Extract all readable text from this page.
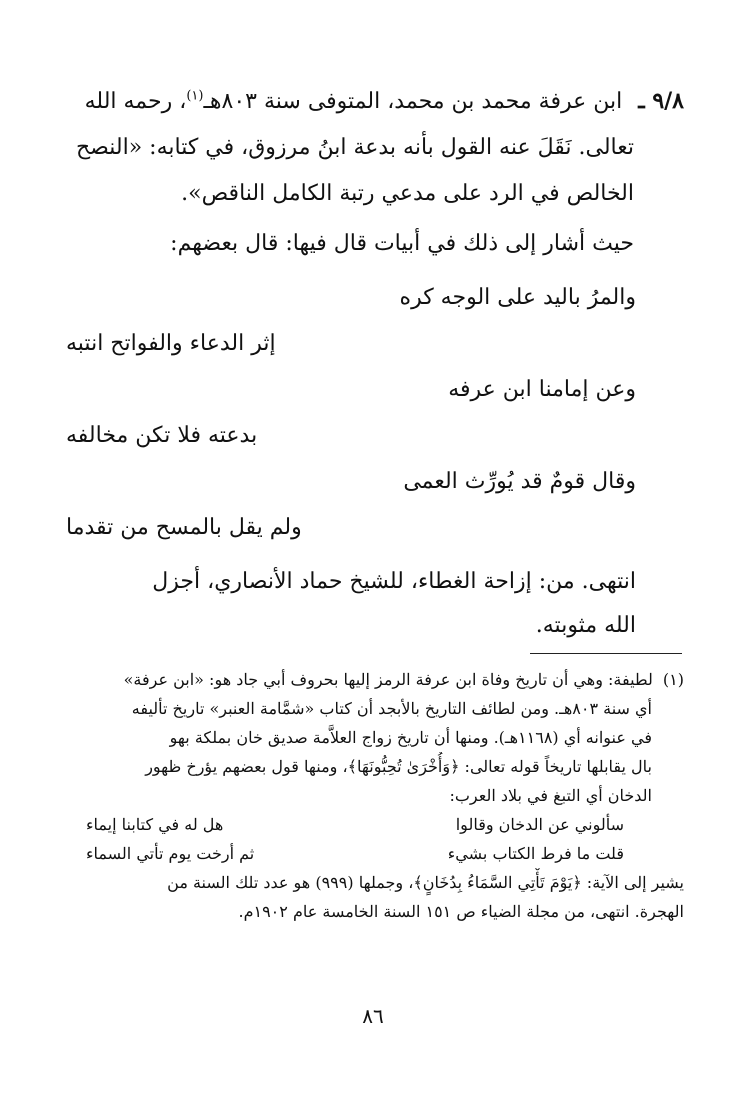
٩/٨ ـابن عرفة محمد بن محمد، المتوفى سنة ٨٠٣هـ$^{(١)}$، رحمه الله
تعالى. نَقَلَ عنه القول بأنه بدعة ابنُ مرزوق، في كتابه: «النصح
الخالص في الرد على مدعي رتبة الكامل الناقص».
حيث أشار إلى ذلك في أبيات قال فيها: قال بعضهم:
والمرُ باليد على الوجه كره
إثر الدعاء والفواتح انتبه
وعن إمامنا ابن عرفه
بدعته فلا تكن مخالفه
وقال قومٌ قد يُورِّث العمى
ولم يقل بالمسح من تقدما
انتهى. من: إزاحة الغطاء، للشيخ حماد الأنصاري، أجزل
الله مثوبته.
(١)لطيفة: وهي أن تاريخ وفاة ابن عرفة الرمز إليها بحروف أبي جاد هو: «ابن عرفة»
أي سنة ٨٠٣هـ. ومن لطائف التاريخ بالأبجد أن كتاب «شمَّامة العنبر» تاريخ تأليفه
في عنوانه أي (١١٦٨هـ). ومنها أن تاريخ زواج العلاَّمة صديق خان بملكة بهو
بال يقابلها تاريخاً قوله تعالى: ﴿وَأُخْرَىٰ تُحِبُّونَهَا﴾، ومنها قول بعضهم يؤرخ ظهور
الدخان أي التبغ في بلاد العرب:
سألوني عن الدخان وقالوا
هل له في كتابنا إيماء
قلت ما فرط الكتاب بشيء
ثم أرخت يوم تأتي السماء
يشير إلى الآية: ﴿يَوْمَ تَأْتِي السَّمَاءُ بِدُخَانٍ﴾، وجملها (٩٩٩) هو عدد تلك السنة من
الهجرة. انتهى، من مجلة الضياء ص ١٥١ السنة الخامسة عام ١٩٠٢م.
٨٦
